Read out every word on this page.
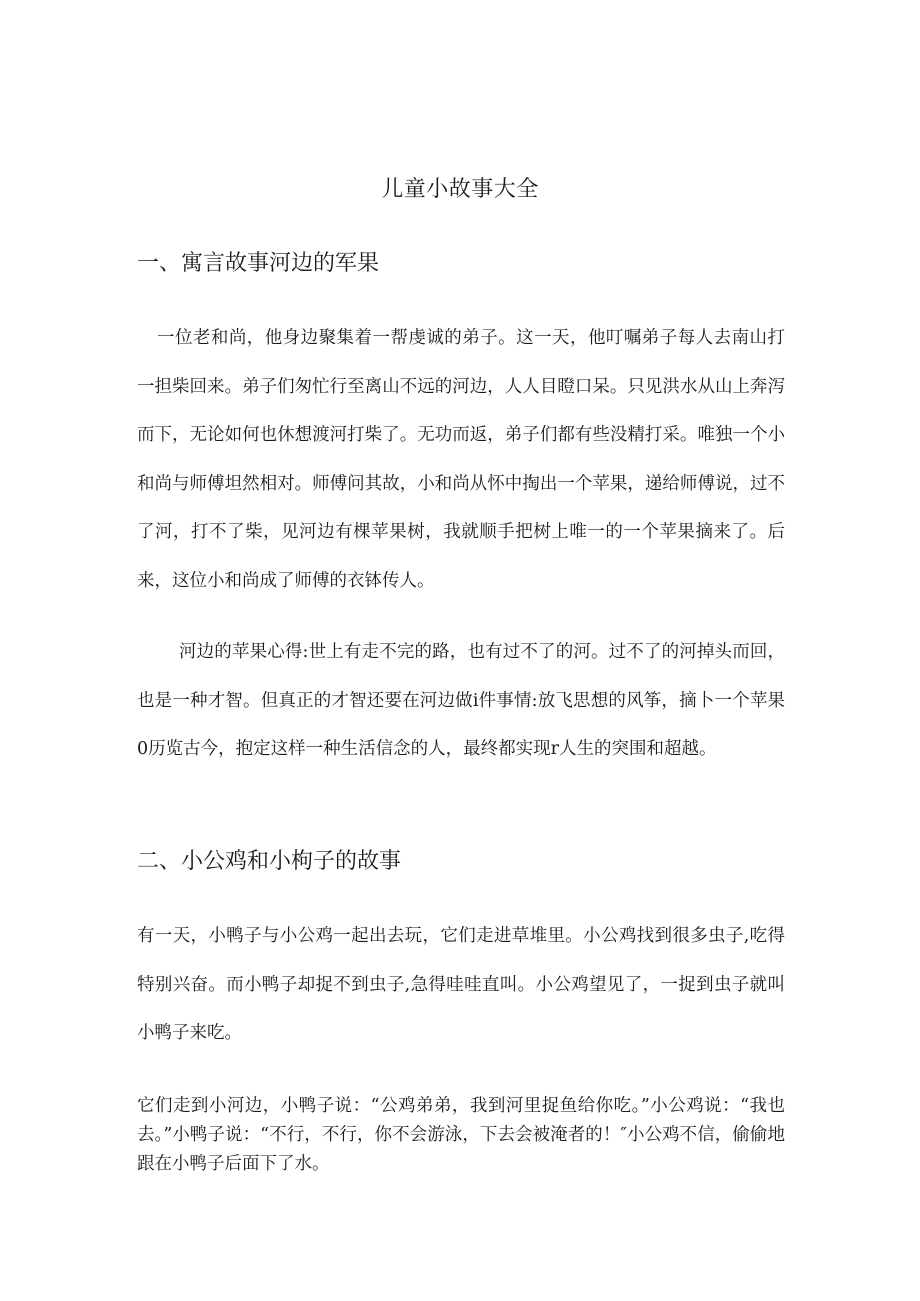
儿童小故事大全
一、寓言故事河边的军果

一位老和尚，他身边聚集着一帮虔诚的弟子。这一天，他叮嘱弟子每人去南山打一担柴回来。弟子们匆忙行至离山不远的河边，人人目瞪口呆。只见洪水从山上奔泻而下，无论如何也休想渡河打柴了。无功而返，弟子们都有些没精打采。唯独一个小和尚与师傅坦然相对。师傅问其故，小和尚从怀中掏出一个苹果，递给师傅说，过不了河，打不了柴，见河边有棵苹果树，我就顺手把树上唯一的一个苹果摘来了。后来，这位小和尚成了师傅的衣钵传人。

河边的苹果心得:世上有走不完的路，也有过不了的河。过不了的河掉头而回，也是一种才智。但真正的才智还要在河边做i件事情:放飞思想的风筝，摘卜一个苹果0历览古今，抱定这样一种生活信念的人，最终都实现r人生的突围和超越。

二、小公鸡和小枸子的故事

有一天，小鸭子与小公鸡一起出去玩，它们走进草堆里。小公鸡找到很多虫子,吃得特别兴奋。而小鸭子却捉不到虫子,急得哇哇直叫。小公鸡望见了，一捉到虫子就叫小鸭子来吃。

它们走到小河边，小鸭子说：“公鸡弟弟，我到河里捉鱼给你吃。”小公鸡说：“我也去。”小鸭子说：“不行，不行，你不会游泳，下去会被淹者的！″小公鸡不信，偷偷地跟在小鸭子后面下了水。
